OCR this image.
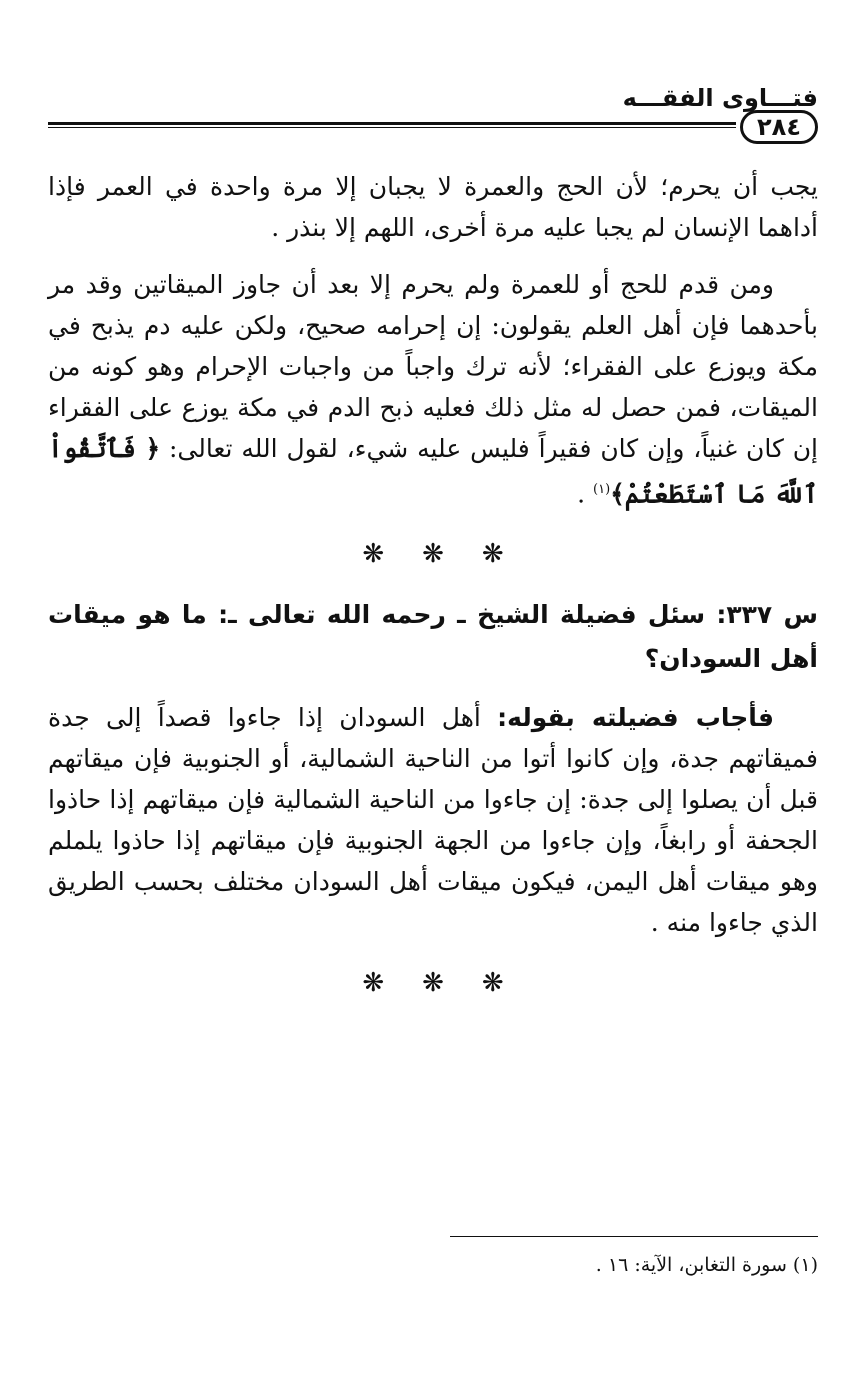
فتـــاوى الفقـــه
٢٨٤

يجب أن يحرم؛ لأن الحج والعمرة لا يجبان إلا مرة واحدة في العمر فإذا أداهما الإنسان لم يجبا عليه مرة أخرى، اللهم إلا بنذر .

ومن قدم للحج أو للعمرة ولم يحرم إلا بعد أن جاوز الميقاتين وقد مر بأحدهما فإن أهل العلم يقولون: إن إحرامه صحيح، ولكن عليه دم يذبح في مكة ويوزع على الفقراء؛ لأنه ترك واجباً من واجبات الإحرام وهو كونه من الميقات، فمن حصل له مثل ذلك فعليه ذبح الدم في مكة يوزع على الفقراء إن كان غنياً، وإن كان فقيراً فليس عليه شيء، لقول الله تعالى: ﴿ فَٱتَّقُواْ ٱللَّهَ مَا ٱسْتَطَعْتُمْ﴾$^{(١)}$ .

❋❋❋

س ٣٣٧: سئل فضيلة الشيخ ـ رحمه الله تعالى ـ: ما هو ميقات أهل السودان؟

فأجاب فضيلته بقوله: أهل السودان إذا جاءوا قصداً إلى جدة فميقاتهم جدة، وإن كانوا أتوا من الناحية الشمالية، أو الجنوبية فإن ميقاتهم قبل أن يصلوا إلى جدة: إن جاءوا من الناحية الشمالية فإن ميقاتهم إذا حاذوا الجحفة أو رابغاً، وإن جاءوا من الجهة الجنوبية فإن ميقاتهم إذا حاذوا يلملم وهو ميقات أهل اليمن، فيكون ميقات أهل السودان مختلف بحسب الطريق الذي جاءوا منه .

❋❋❋

(١) سورة التغابن، الآية: ١٦ .
